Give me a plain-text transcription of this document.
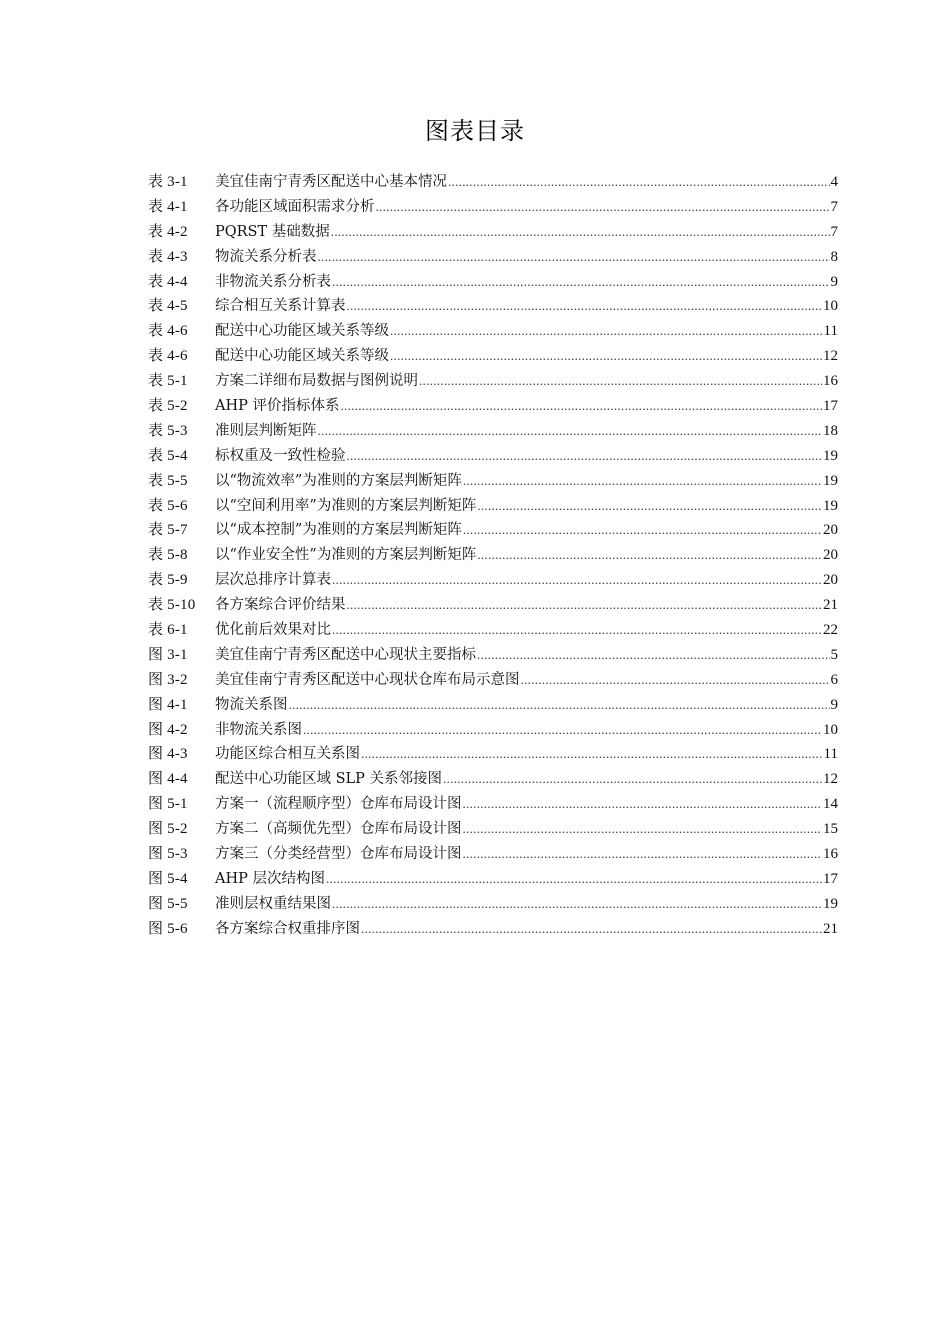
图表目录
表 3-1	美宜佳南宁青秀区配送中心基本情况 .....	4
表 4-1	各功能区域面积需求分析 .....	7
表 4-2	PQRST 基础数据 .....	7
表 4-3	物流关系分析表 .....	8
表 4-4	非物流关系分析表 .....	9
表 4-5	综合相互关系计算表 .....	10
表 4-6	配送中心功能区域关系等级 .....	11
表 4-6	配送中心功能区域关系等级 .....	12
表 5-1	方案二详细布局数据与图例说明 .....	16
表 5-2	AHP 评价指标体系 .....	17
表 5-3	准则层判断矩阵 .....	18
表 5-4	标权重及一致性检验 .....	19
表 5-5	以“物流效率”为准则的方案层判断矩阵 .....	19
表 5-6	以“空间利用率”为准则的方案层判断矩阵 .....	19
表 5-7	以“成本控制”为准则的方案层判断矩阵 .....	20
表 5-8	以“作业安全性”为准则的方案层判断矩阵 .....	20
表 5-9	层次总排序计算表 .....	20
表 5-10	各方案综合评价结果 .....	21
表 6-1	优化前后效果对比 .....	22
图 3-1	美宜佳南宁青秀区配送中心现状主要指标 .....	5
图 3-2	美宜佳南宁青秀区配送中心现状仓库布局示意图 .....	6
图 4-1	物流关系图 .....	9
图 4-2	非物流关系图 .....	10
图 4-3	功能区综合相互关系图 .....	11
图 4-4	配送中心功能区域 SLP 关系邻接图 .....	12
图 5-1	方案一（流程顺序型）仓库布局设计图 .....	14
图 5-2	方案二（高频优先型）仓库布局设计图 .....	15
图 5-3	方案三（分类经营型）仓库布局设计图 .....	16
图 5-4	AHP 层次结构图 .....	17
图 5-5	准则层权重结果图 .....	19
图 5-6	各方案综合权重排序图 .....	21
